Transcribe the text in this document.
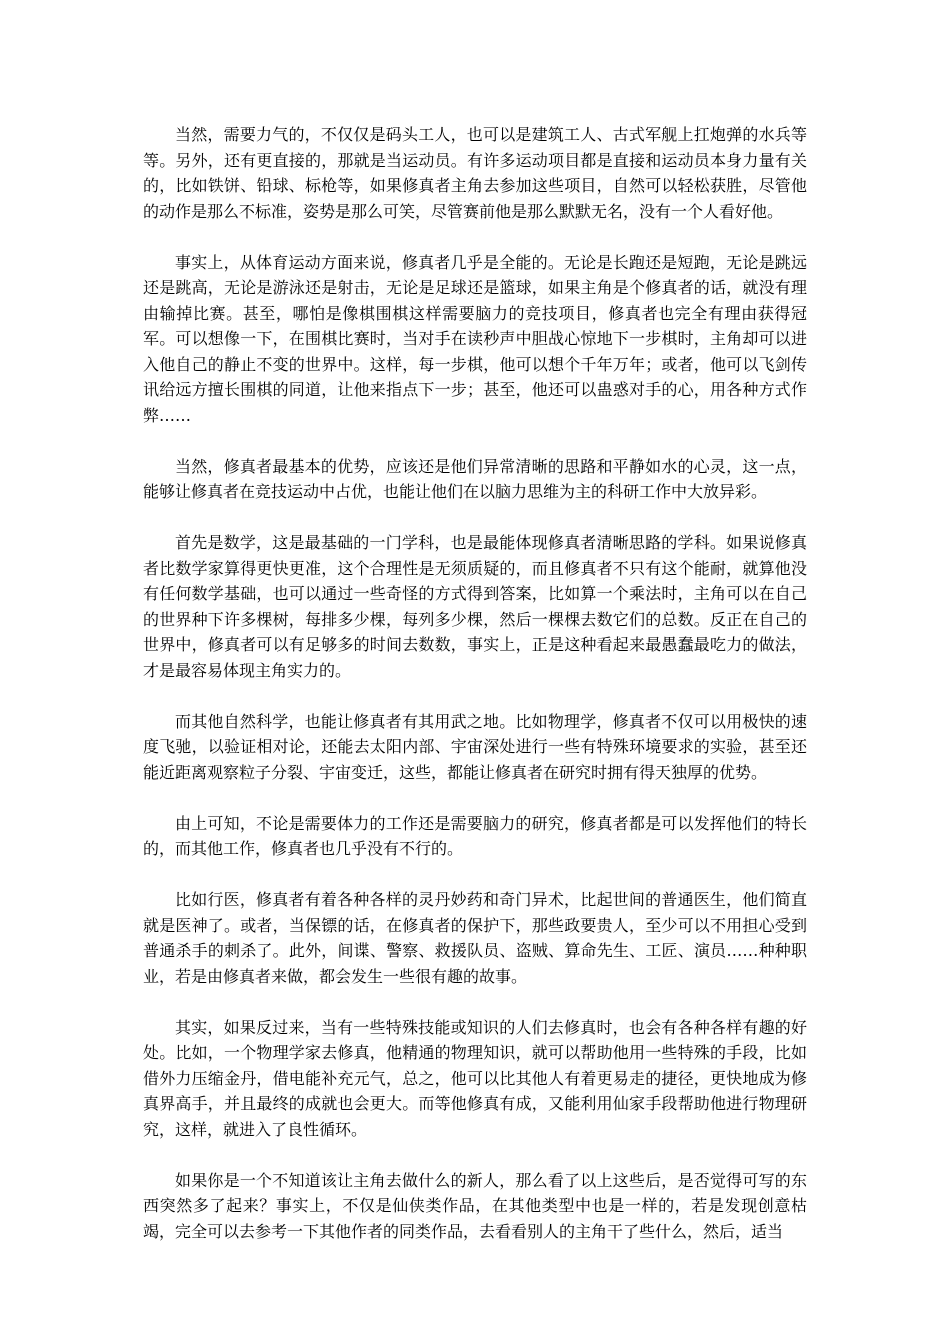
当然，需要力气的，不仅仅是码头工人，也可以是建筑工人、古式军舰上扛炮弹的水兵等等。另外，还有更直接的，那就是当运动员。有许多运动项目都是直接和运动员本身力量有关的，比如铁饼、铅球、标枪等，如果修真者主角去参加这些项目，自然可以轻松获胜，尽管他的动作是那么不标准，姿势是那么可笑，尽管赛前他是那么默默无名，没有一个人看好他。

事实上，从体育运动方面来说，修真者几乎是全能的。无论是长跑还是短跑，无论是跳远还是跳高，无论是游泳还是射击，无论是足球还是篮球，如果主角是个修真者的话，就没有理由输掉比赛。甚至，哪怕是像棋围棋这样需要脑力的竞技项目，修真者也完全有理由获得冠军。可以想像一下，在围棋比赛时，当对手在读秒声中胆战心惊地下一步棋时，主角却可以进入他自己的静止不变的世界中。这样，每一步棋，他可以想个千年万年；或者，他可以飞剑传讯给远方擅长围棋的同道，让他来指点下一步；甚至，他还可以蛊惑对手的心，用各种方式作弊……

当然，修真者最基本的优势，应该还是他们异常清晰的思路和平静如水的心灵，这一点，能够让修真者在竞技运动中占优，也能让他们在以脑力思维为主的科研工作中大放异彩。

首先是数学，这是最基础的一门学科，也是最能体现修真者清晰思路的学科。如果说修真者比数学家算得更快更准，这个合理性是无须质疑的，而且修真者不只有这个能耐，就算他没有任何数学基础，也可以通过一些奇怪的方式得到答案，比如算一个乘法时，主角可以在自己的世界种下许多棵树，每排多少棵，每列多少棵，然后一棵棵去数它们的总数。反正在自己的世界中，修真者可以有足够多的时间去数数，事实上，正是这种看起来最愚蠢最吃力的做法，才是最容易体现主角实力的。

而其他自然科学，也能让修真者有其用武之地。比如物理学，修真者不仅可以用极快的速度飞驰，以验证相对论，还能去太阳内部、宇宙深处进行一些有特殊环境要求的实验，甚至还能近距离观察粒子分裂、宇宙变迁，这些，都能让修真者在研究时拥有得天独厚的优势。

由上可知，不论是需要体力的工作还是需要脑力的研究，修真者都是可以发挥他们的特长的，而其他工作，修真者也几乎没有不行的。

比如行医，修真者有着各种各样的灵丹妙药和奇门异术，比起世间的普通医生，他们简直就是医神了。或者，当保镖的话，在修真者的保护下，那些政要贵人，至少可以不用担心受到普通杀手的刺杀了。此外，间谍、警察、救援队员、盗贼、算命先生、工匠、演员……种种职业，若是由修真者来做，都会发生一些很有趣的故事。

其实，如果反过来，当有一些特殊技能或知识的人们去修真时，也会有各种各样有趣的好处。比如，一个物理学家去修真，他精通的物理知识，就可以帮助他用一些特殊的手段，比如借外力压缩金丹，借电能补充元气，总之，他可以比其他人有着更易走的捷径，更快地成为修真界高手，并且最终的成就也会更大。而等他修真有成，又能利用仙家手段帮助他进行物理研究，这样，就进入了良性循环。

如果你是一个不知道该让主角去做什么的新人，那么看了以上这些后，是否觉得可写的东西突然多了起来？事实上，不仅是仙侠类作品，在其他类型中也是一样的，若是发现创意枯竭，完全可以去参考一下其他作者的同类作品，去看看别人的主角干了些什么，然后，适当
